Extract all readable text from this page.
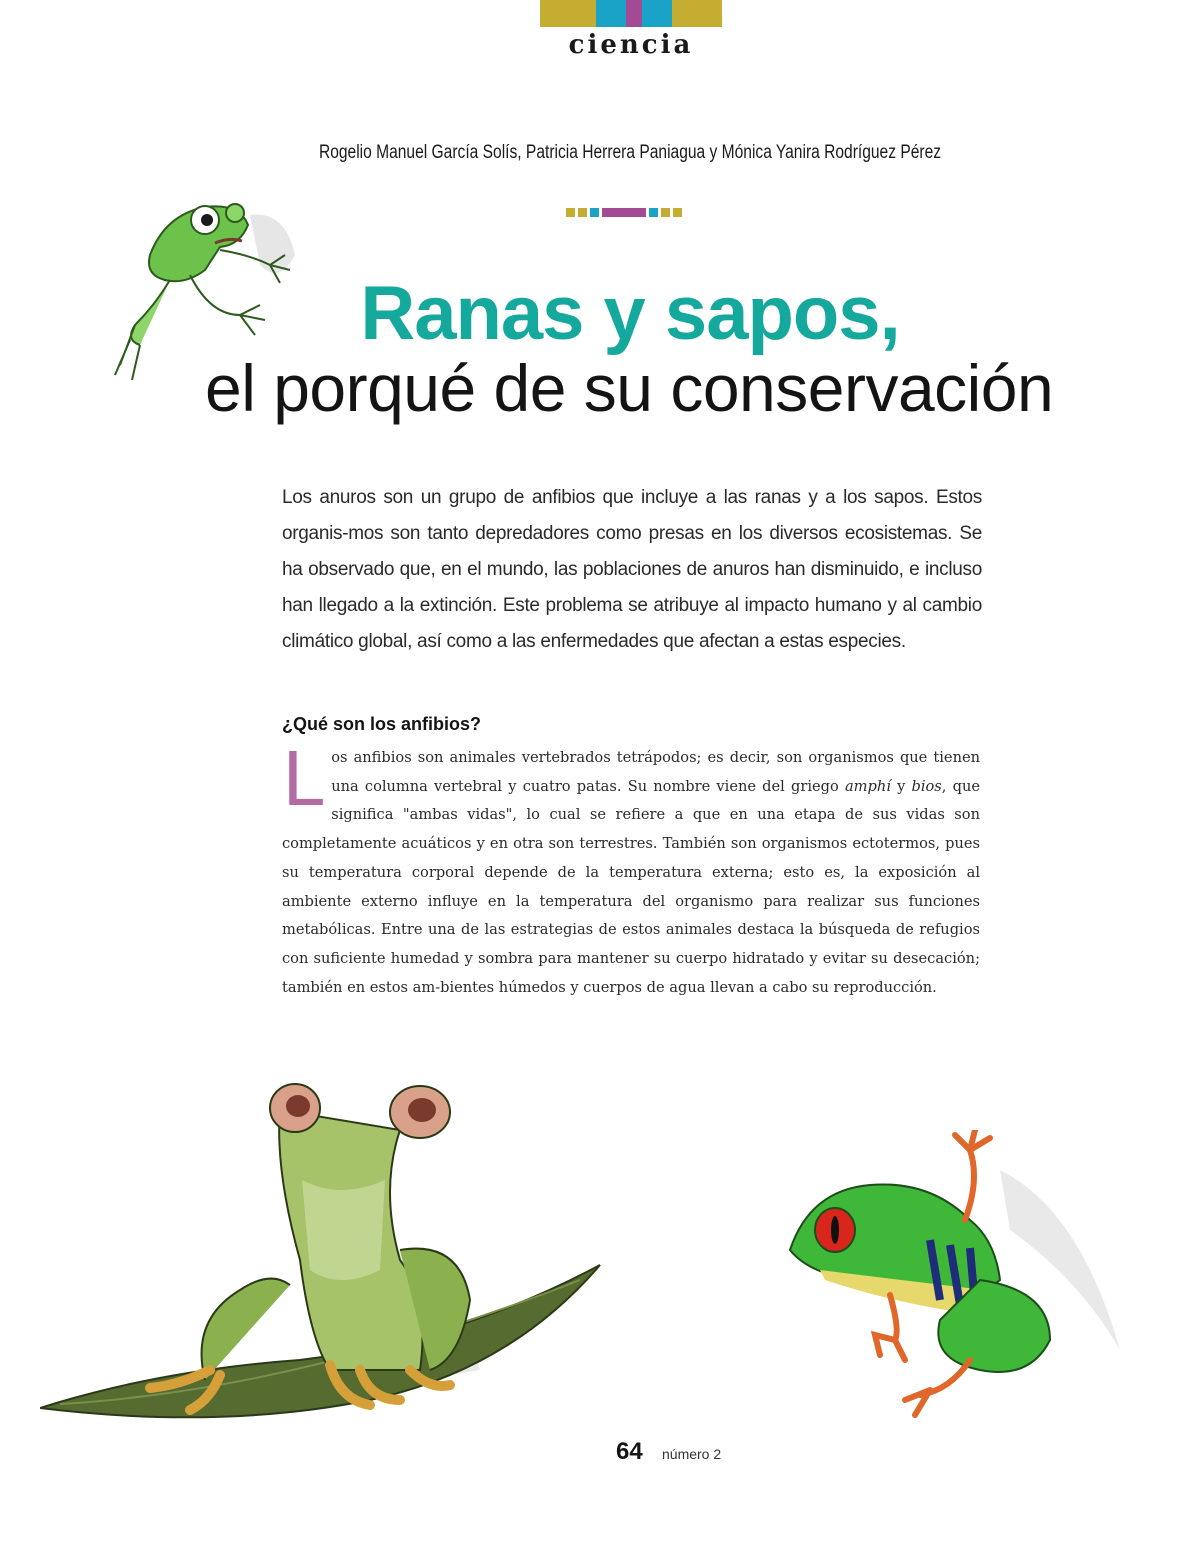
ciencia
Rogelio Manuel García Solís, Patricia Herrera Paniagua y Mónica Yanira Rodríguez Pérez
Ranas y sapos,
el porqué de su conservación
Los anuros son un grupo de anfibios que incluye a las ranas y a los sapos. Estos organis-mos son tanto depredadores como presas en los diversos ecosistemas. Se ha observado que, en el mundo, las poblaciones de anuros han disminuido, e incluso han llegado a la extinción. Este problema se atribuye al impacto humano y al cambio climático global, así como a las enfermedades que afectan a estas especies.
¿Qué son los anfibios?
Los anfibios son animales vertebrados tetrápodos; es decir, son organismos que tienen una columna vertebral y cuatro patas. Su nombre viene del griego amphí y bios, que significa "ambas vidas", lo cual se refiere a que en una etapa de sus vidas son completamente acuáticos y en otra son terrestres. También son organismos ectotermos, pues su temperatura corporal depende de la temperatura externa; esto es, la exposición al ambiente externo influye en la temperatura del organismo para realizar sus funciones metabólicas. Entre una de las estrategias de estos animales destaca la búsqueda de refugios con suficiente humedad y sombra para mantener su cuerpo hidratado y evitar su desecación; también en estos am-bientes húmedos y cuerpos de agua llevan a cabo su reproducción.
64 número 2
